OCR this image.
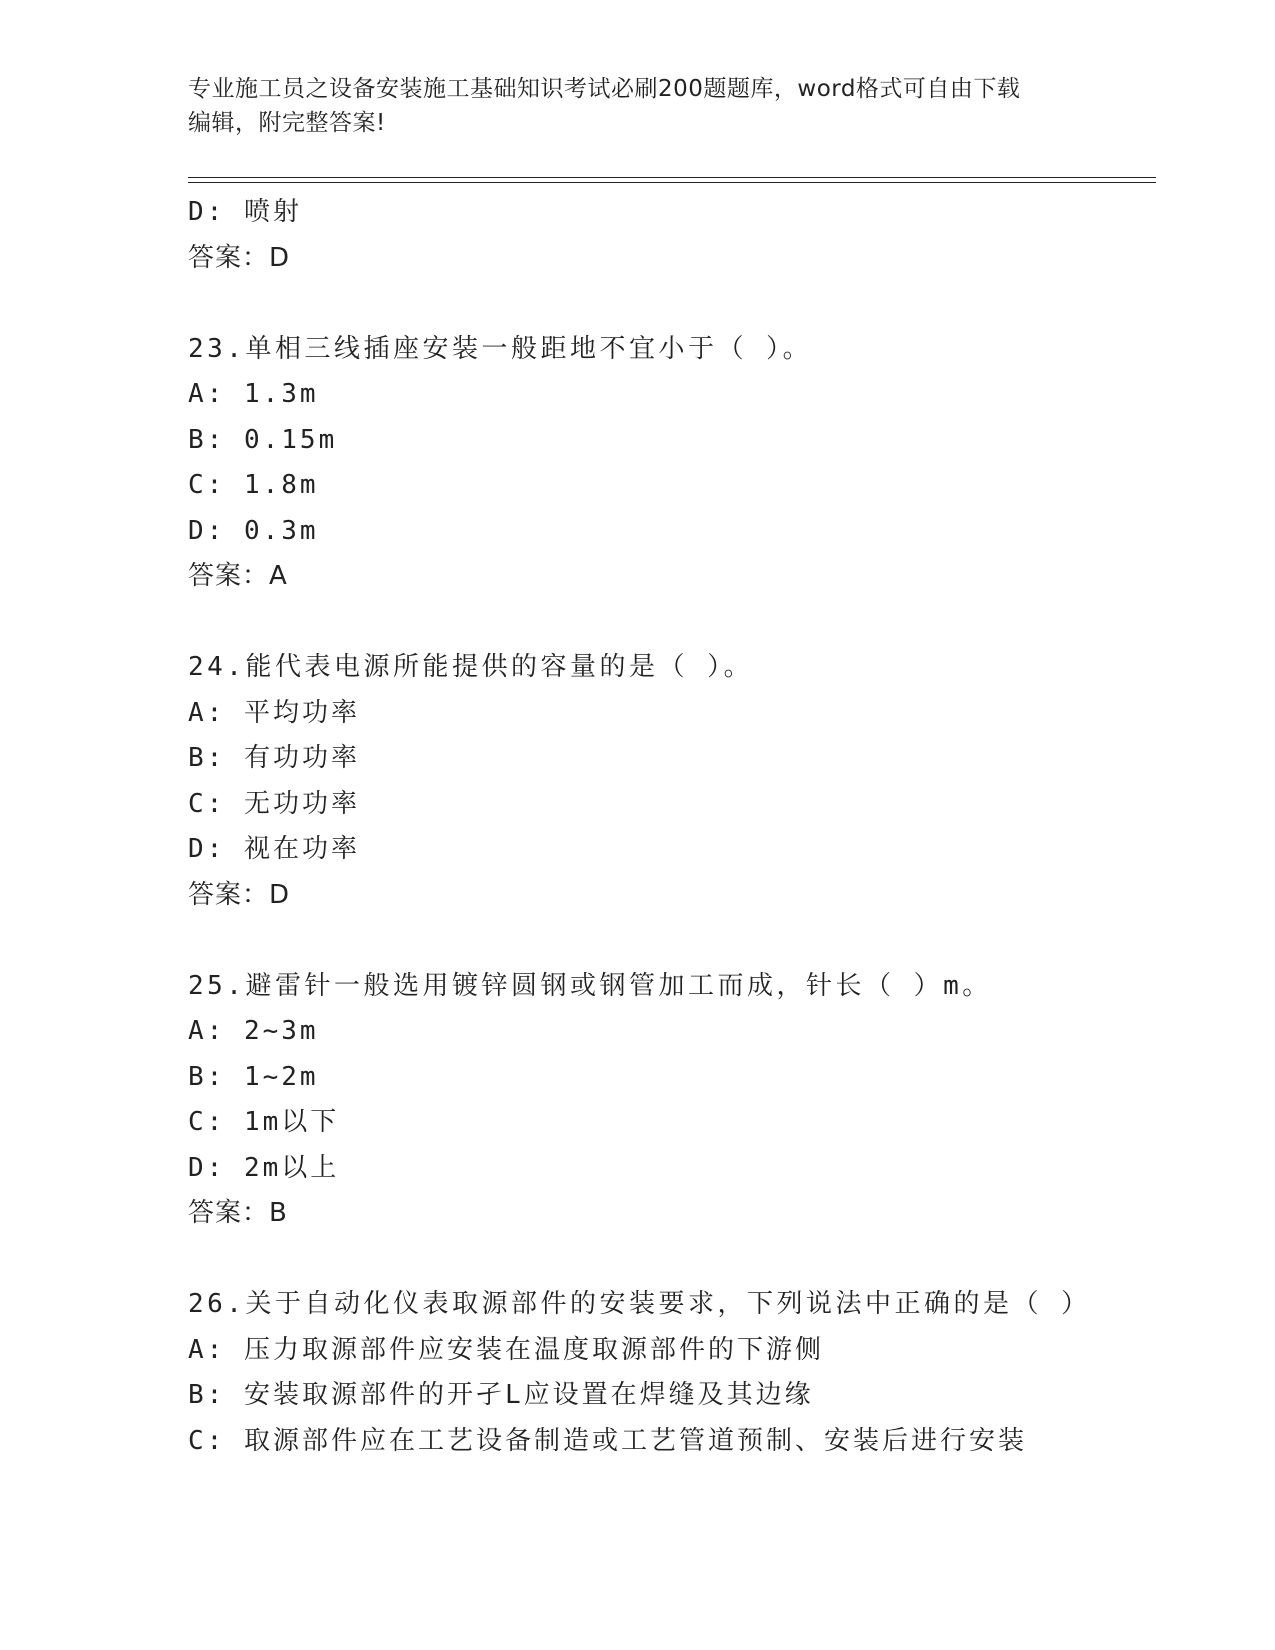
专业施工员之设备安装施工基础知识考试必刷200题题库，word格式可自由下载
编辑，附完整答案!
D: 喷射
答案：D
23.单相三线插座安装一般距地不宜小于（ ）。
A: 1.3m
B: 0.15m
C: 1.8m
D: 0.3m
答案：A
24.能代表电源所能提供的容量的是（ ）。
A: 平均功率
B: 有功功率
C: 无功功率
D: 视在功率
答案：D
25.避雷针一般选用镀锌圆钢或钢管加工而成，针长（ ）m。
A: 2~3m
B: 1~2m
C: 1m以下
D: 2m以上
答案：B
26.关于自动化仪表取源部件的安装要求，下列说法中正确的是（ ）
A: 压力取源部件应安装在温度取源部件的下游侧
B: 安装取源部件的开孑L应设置在焊缝及其边缘
C: 取源部件应在工艺设备制造或工艺管道预制、安装后进行安装
